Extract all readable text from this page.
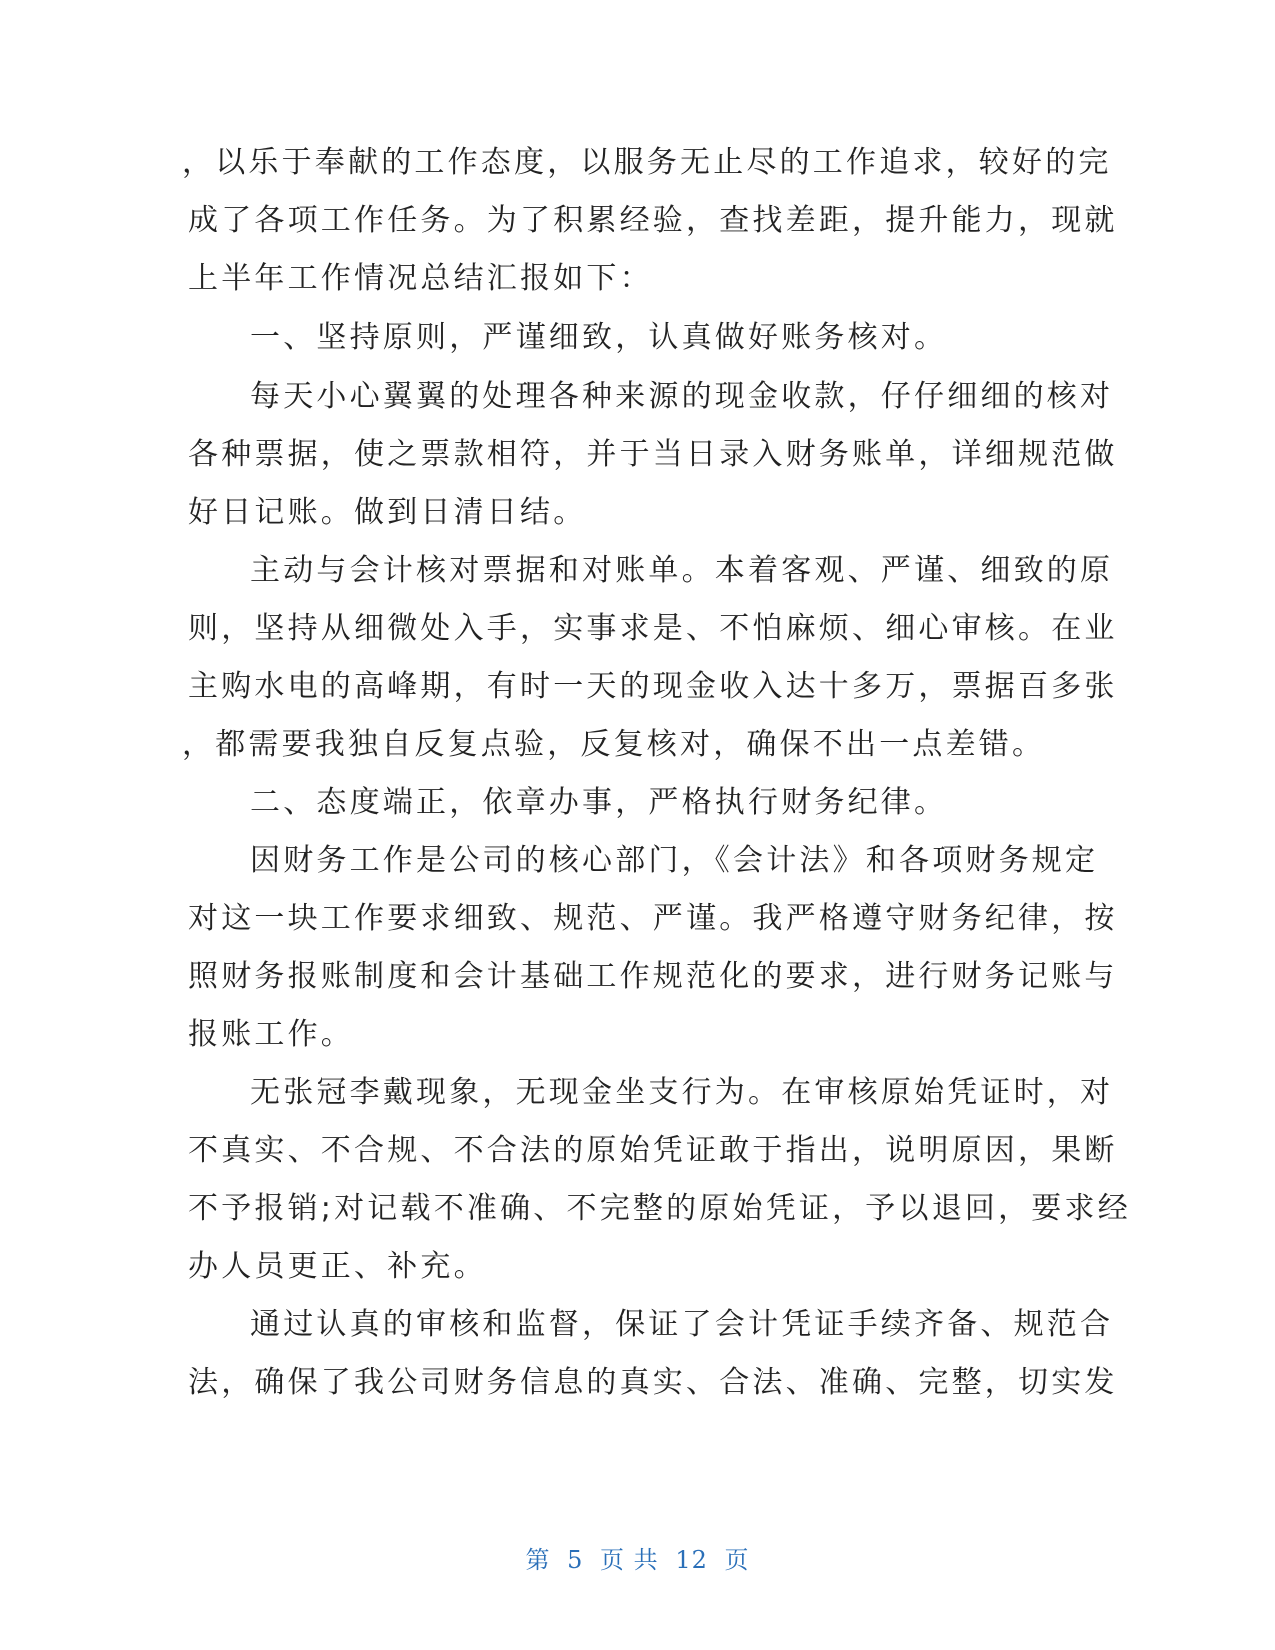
，以乐于奉献的工作态度，以服务无止尽的工作追求，较好的完
成了各项工作任务。为了积累经验，查找差距，提升能力，现就
上半年工作情况总结汇报如下：
一、坚持原则，严谨细致，认真做好账务核对。
每天小心翼翼的处理各种来源的现金收款，仔仔细细的核对
各种票据，使之票款相符，并于当日录入财务账单，详细规范做
好日记账。做到日清日结。
主动与会计核对票据和对账单。本着客观、严谨、细致的原
则，坚持从细微处入手，实事求是、不怕麻烦、细心审核。在业
主购水电的高峰期，有时一天的现金收入达十多万，票据百多张
，都需要我独自反复点验，反复核对，确保不出一点差错。
二、态度端正，依章办事，严格执行财务纪律。
因财务工作是公司的核心部门，《会计法》和各项财务规定
对这一块工作要求细致、规范、严谨。我严格遵守财务纪律，按
照财务报账制度和会计基础工作规范化的要求，进行财务记账与
报账工作。
无张冠李戴现象，无现金坐支行为。在审核原始凭证时，对
不真实、不合规、不合法的原始凭证敢于指出，说明原因，果断
不予报销;对记载不准确、不完整的原始凭证，予以退回，要求经
办人员更正、补充。
通过认真的审核和监督，保证了会计凭证手续齐备、规范合
法，确保了我公司财务信息的真实、合法、准确、完整，切实发
第 5 页 共 12 页
